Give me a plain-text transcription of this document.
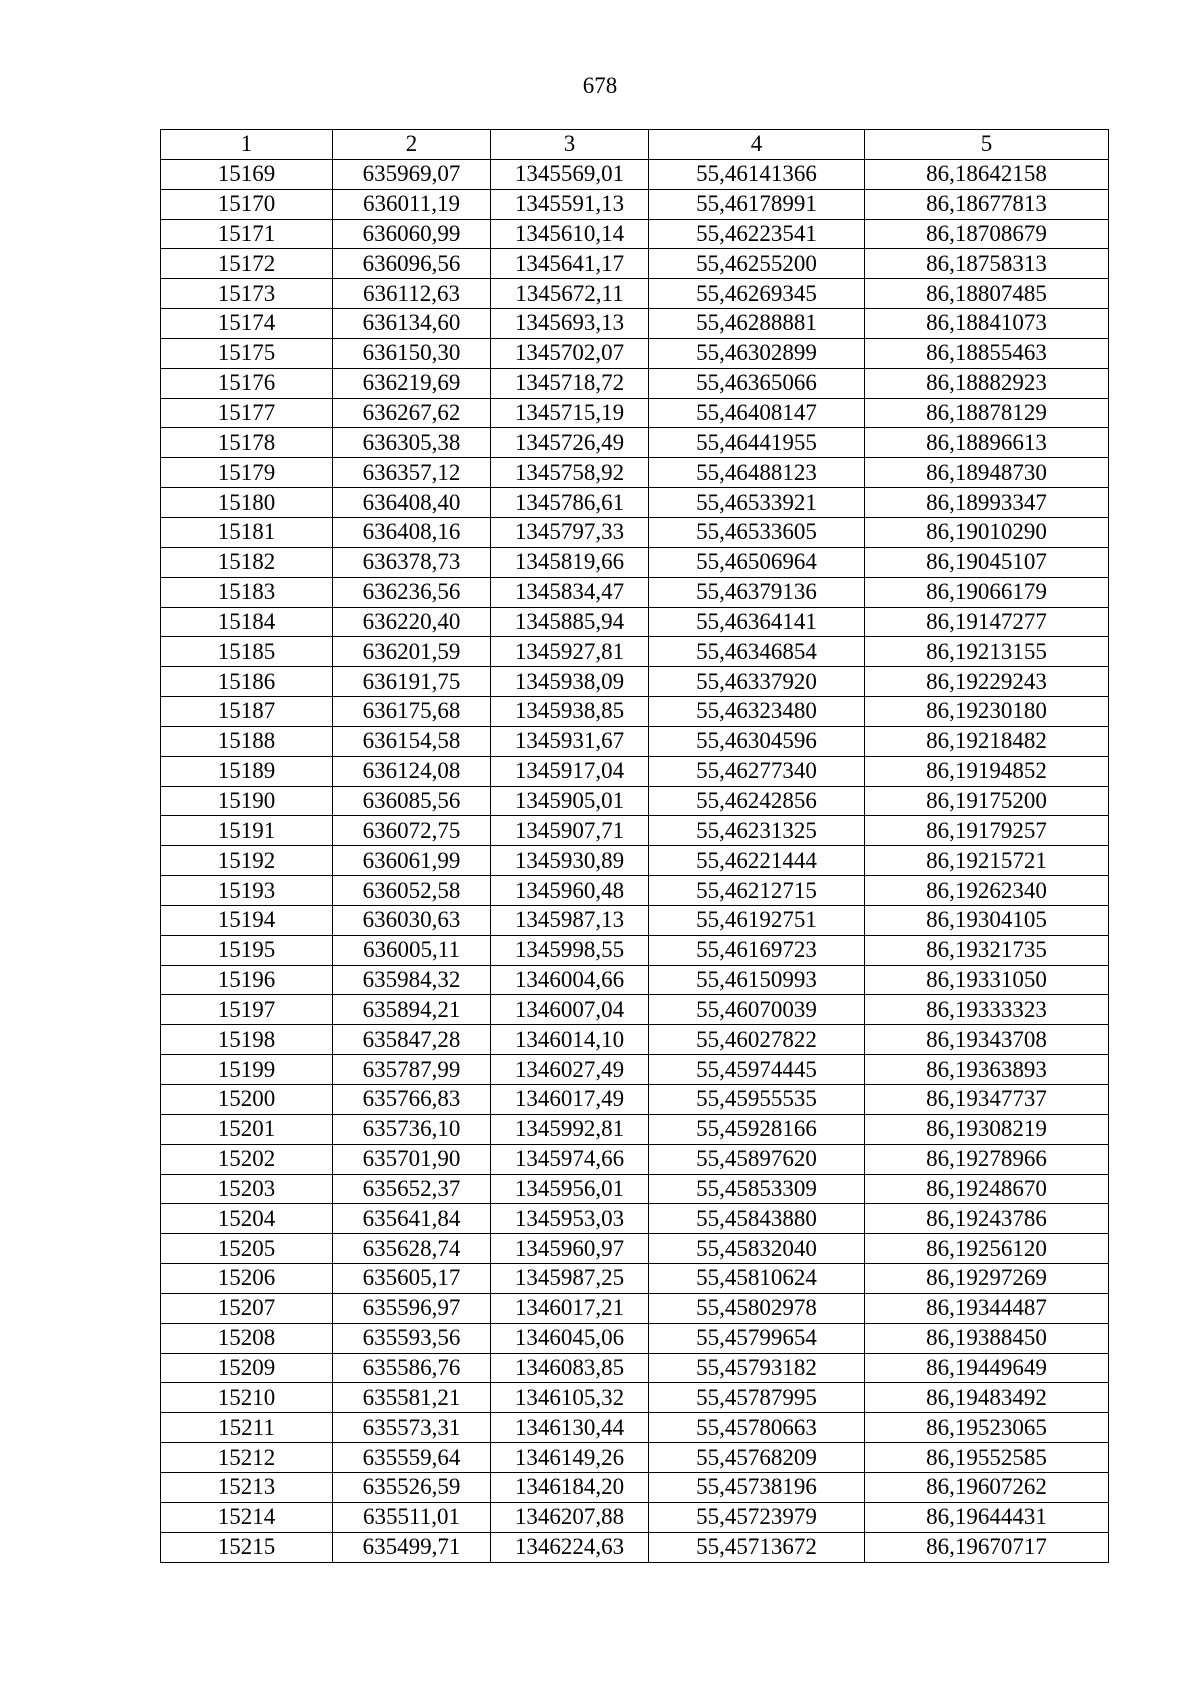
678
1	2	3	4	5
15169	635969,07	1345569,01	55,46141366	86,18642158
15170	636011,19	1345591,13	55,46178991	86,18677813
15171	636060,99	1345610,14	55,46223541	86,18708679
15172	636096,56	1345641,17	55,46255200	86,18758313
15173	636112,63	1345672,11	55,46269345	86,18807485
15174	636134,60	1345693,13	55,46288881	86,18841073
15175	636150,30	1345702,07	55,46302899	86,18855463
15176	636219,69	1345718,72	55,46365066	86,18882923
15177	636267,62	1345715,19	55,46408147	86,18878129
15178	636305,38	1345726,49	55,46441955	86,18896613
15179	636357,12	1345758,92	55,46488123	86,18948730
15180	636408,40	1345786,61	55,46533921	86,18993347
15181	636408,16	1345797,33	55,46533605	86,19010290
15182	636378,73	1345819,66	55,46506964	86,19045107
15183	636236,56	1345834,47	55,46379136	86,19066179
15184	636220,40	1345885,94	55,46364141	86,19147277
15185	636201,59	1345927,81	55,46346854	86,19213155
15186	636191,75	1345938,09	55,46337920	86,19229243
15187	636175,68	1345938,85	55,46323480	86,19230180
15188	636154,58	1345931,67	55,46304596	86,19218482
15189	636124,08	1345917,04	55,46277340	86,19194852
15190	636085,56	1345905,01	55,46242856	86,19175200
15191	636072,75	1345907,71	55,46231325	86,19179257
15192	636061,99	1345930,89	55,46221444	86,19215721
15193	636052,58	1345960,48	55,46212715	86,19262340
15194	636030,63	1345987,13	55,46192751	86,19304105
15195	636005,11	1345998,55	55,46169723	86,19321735
15196	635984,32	1346004,66	55,46150993	86,19331050
15197	635894,21	1346007,04	55,46070039	86,19333323
15198	635847,28	1346014,10	55,46027822	86,19343708
15199	635787,99	1346027,49	55,45974445	86,19363893
15200	635766,83	1346017,49	55,45955535	86,19347737
15201	635736,10	1345992,81	55,45928166	86,19308219
15202	635701,90	1345974,66	55,45897620	86,19278966
15203	635652,37	1345956,01	55,45853309	86,19248670
15204	635641,84	1345953,03	55,45843880	86,19243786
15205	635628,74	1345960,97	55,45832040	86,19256120
15206	635605,17	1345987,25	55,45810624	86,19297269
15207	635596,97	1346017,21	55,45802978	86,19344487
15208	635593,56	1346045,06	55,45799654	86,19388450
15209	635586,76	1346083,85	55,45793182	86,19449649
15210	635581,21	1346105,32	55,45787995	86,19483492
15211	635573,31	1346130,44	55,45780663	86,19523065
15212	635559,64	1346149,26	55,45768209	86,19552585
15213	635526,59	1346184,20	55,45738196	86,19607262
15214	635511,01	1346207,88	55,45723979	86,19644431
15215	635499,71	1346224,63	55,45713672	86,19670717
